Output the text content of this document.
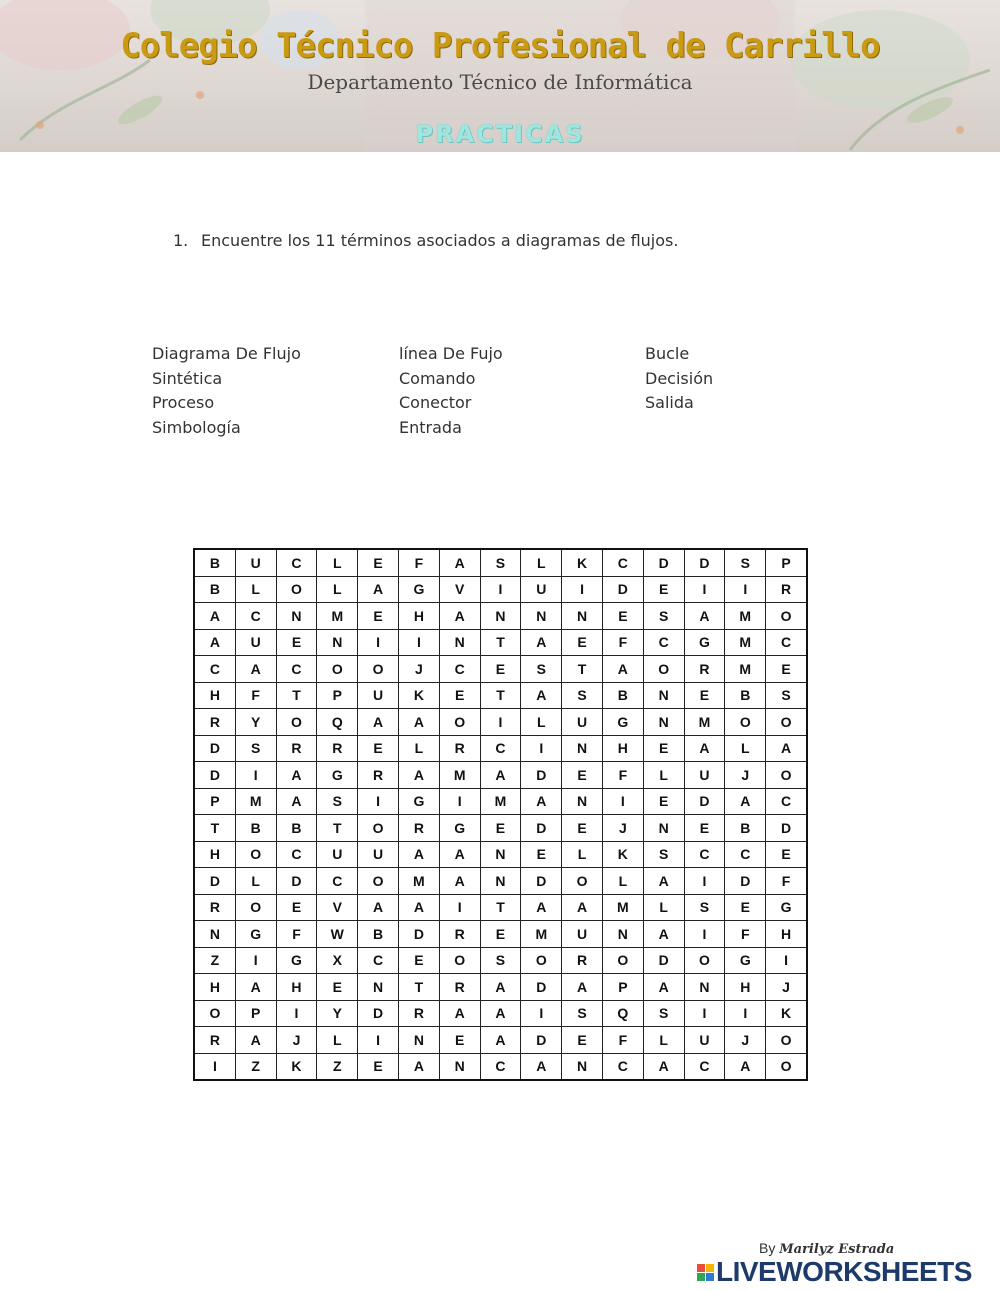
Colegio Técnico Profesional de Carrillo
Departamento Técnico de Informática
PRACTICAS
1. Encuentre los 11 términos asociados a diagramas de flujos.
Diagrama De Flujo	línea De Fujo	Bucle
Sintética	Comando	Decisión
Proceso	Conector	Salida
Simbología	Entrada
B	U	C	L	E	F	A	S	L	K	C	D	D	S	P
B	L	O	L	A	G	V	I	U	I	D	E	I	I	R
A	C	N	M	E	H	A	N	N	N	E	S	A	M	O
A	U	E	N	I	I	N	T	A	E	F	C	G	M	C
C	A	C	O	O	J	C	E	S	T	A	O	R	M	E
H	F	T	P	U	K	E	T	A	S	B	N	E	B	S
R	Y	O	Q	A	A	O	I	L	U	G	N	M	O	O
D	S	R	R	E	L	R	C	I	N	H	E	A	L	A
D	I	A	G	R	A	M	A	D	E	F	L	U	J	O
P	M	A	S	I	G	I	M	A	N	I	E	D	A	C
T	B	B	T	O	R	G	E	D	E	J	N	E	B	D
H	O	C	U	U	A	A	N	E	L	K	S	C	C	E
D	L	D	C	O	M	A	N	D	O	L	A	I	D	F
R	O	E	V	A	A	I	T	A	A	M	L	S	E	G
N	G	F	W	B	D	R	E	M	U	N	A	I	F	H
Z	I	G	X	C	E	O	S	O	R	O	D	O	G	I
H	A	H	E	N	T	R	A	D	A	P	A	N	H	J
O	P	I	Y	D	R	A	A	I	S	Q	S	I	I	K
R	A	J	L	I	N	E	A	D	E	F	L	U	J	O
I	Z	K	Z	E	A	N	C	A	N	C	A	C	A	O
By Marilyz Estrada
LIVEWORKSHEETS
